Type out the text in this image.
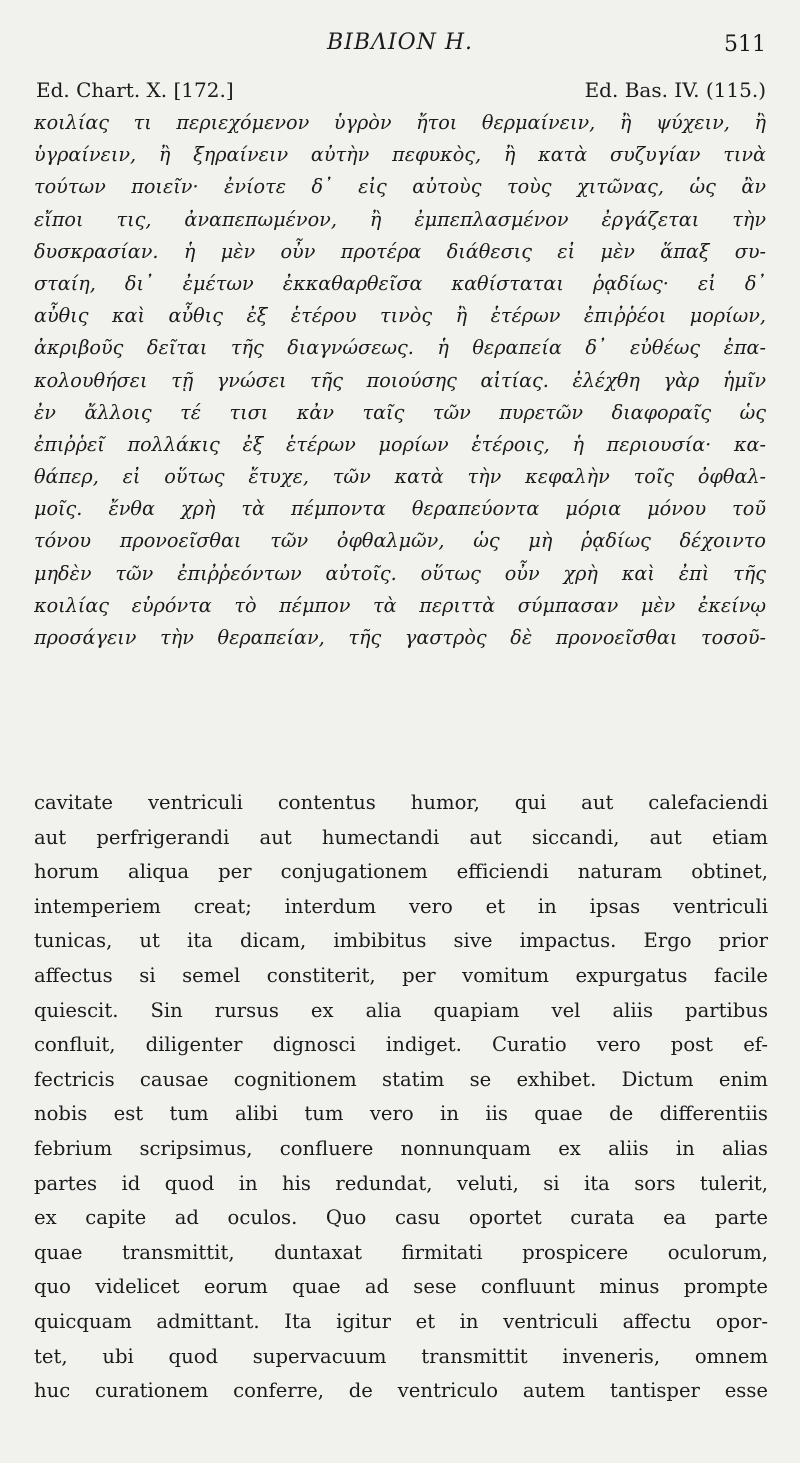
BIBΛΙΟΝ Η.	511
Ed. Chart. X. [172.]	Ed. Bas. IV. (115.)
κοιλίας τι περιεχόμενον ὑγρὸν ἤτοι θερμαίνειν, ἢ ψύχειν, ἢ
ὑγραίνειν, ἢ ξηραίνειν αὐτὴν πεφυκὸς, ἢ κατὰ συζυγίαν τινὰ
τούτων ποιεῖν· ἐνίοτε δ᾽ εἰς αὐτοὺς τοὺς χιτῶνας, ὡς ἂν
εἴποι τις, ἀναπεπωμένον, ἢ ἐμπεπλασμένον ἐργάζεται τὴν
δυσκρασίαν. ἡ μὲν οὖν προτέρα διάθεσις εἰ μὲν ἅπαξ συ-
σταίη, δι᾽ ἐμέτων ἐκκαθαρθεῖσα καθίσταται ῥᾳδίως· εἰ δ᾽
αὖθις καὶ αὖθις ἐξ ἑτέρου τινὸς ἢ ἑτέρων ἐπιῤῥέοι μορίων,
ἀκριβοῦς δεῖται τῆς διαγνώσεως. ἡ θεραπεία δ᾽ εὐθέως ἐπα-
κολουθήσει τῇ γνώσει τῆς ποιούσης αἰτίας. ἐλέχθη γὰρ ἡμῖν
ἐν ἄλλοις τέ τισι κἀν ταῖς τῶν πυρετῶν διαφοραῖς ὡς
ἐπιῤῥεῖ πολλάκις ἐξ ἑτέρων μορίων ἑτέροις, ἡ περιουσία· κα-
θάπερ, εἰ οὕτως ἔτυχε, τῶν κατὰ τὴν κεφαλὴν τοῖς ὀφθαλ-
μοῖς. ἔνθα χρὴ τὰ πέμποντα θεραπεύοντα μόρια μόνου τοῦ
τόνου προνοεῖσθαι τῶν ὀφθαλμῶν, ὡς μὴ ῥᾳδίως δέχοιντο
μηδὲν τῶν ἐπιῤῥεόντων αὐτοῖς. οὕτως οὖν χρὴ καὶ ἐπὶ τῆς
κοιλίας εὑρόντα τὸ πέμπον τὰ περιττὰ σύμπασαν μὲν ἐκείνῳ
προσάγειν τὴν θεραπείαν, τῆς γαστρὸς δὲ προνοεῖσθαι τοσοῦ-
cavitate ventriculi contentus humor, qui aut calefaciendi
aut perfrigerandi aut humectandi aut siccandi, aut etiam
horum aliqua per conjugationem efficiendi naturam obtinet,
intemperiem creat; interdum vero et in ipsas ventriculi
tunicas, ut ita dicam, imbibitus sive impactus. Ergo prior
affectus si semel constiterit, per vomitum expurgatus facile
quiescit. Sin rursus ex alia quapiam vel aliis partibus
confluit, diligenter dignosci indiget. Curatio vero post ef-
fectricis causae cognitionem statim se exhibet. Dictum enim
nobis est tum alibi tum vero in iis quae de differentiis
febrium scripsimus, confluere nonnunquam ex aliis in alias
partes id quod in his redundat, veluti, si ita sors tulerit,
ex capite ad oculos. Quo casu oportet curata ea parte
quae transmittit, duntaxat firmitati prospicere oculorum,
quo videlicet eorum quae ad sese confluunt minus prompte
quicquam admittant. Ita igitur et in ventriculi affectu opor-
tet, ubi quod supervacuum transmittit inveneris, omnem
huc curationem conferre, de ventriculo autem tantisper esse
